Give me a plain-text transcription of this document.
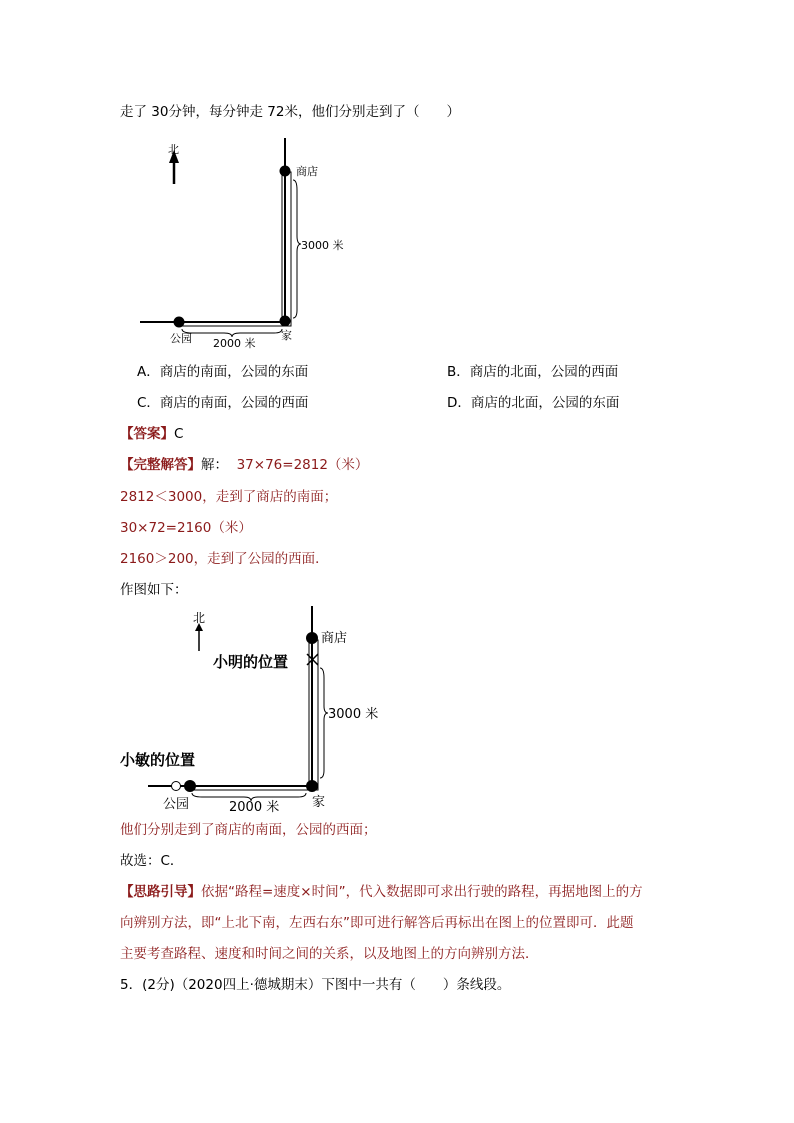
走了 30分钟，每分钟走 72米，他们分别走到了（　　）
北
商店
3000 米
公园 2000 米
家
A．商店的南面，公园的东面	B．商店的北面，公园的西面
C．商店的南面，公园的西面	D．商店的北面，公园的东面
【答案】C
【完整解答】解： 37×76=2812（米）
2812＜3000，走到了商店的南面；
30×72=2160（米）
2160＞200，走到了公园的西面．
作图如下：
北
商店
小明的位置
3000 米
小敏的位置
公园	2000 米	家
他们分别走到了商店的南面，公园的西面；
故选：C．
【思路引导】依据“路程=速度×时间”，代入数据即可求出行驶的路程，再据地图上的方
向辨别方法，即“上北下南，左西右东”即可进行解答后再标出在图上的位置即可．此题
主要考查路程、速度和时间之间的关系，以及地图上的方向辨别方法．
5．(2分)（2020四上·德城期末）下图中一共有（　　）条线段。
